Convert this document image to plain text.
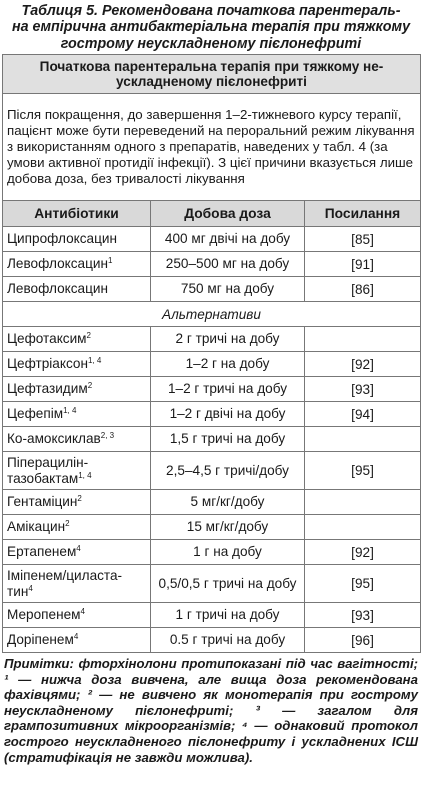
Таблиця 5. Рекомендована початкова парентераль-
на емпірична антибактеріальна терапія при тяжкому
гострому неускладненому пієлонефриті
Початкова парентеральна терапія при тяжкому не-
ускладненому пієлонефриті		

Після покращення, до завершення 1–2-тижневого курсу терапії, пацієнт може бути переведений на пероральний режим лікування з використанням одного з препаратів, наведених у табл. 4 (за умови активної протидії інфекції). З цієї причини вказується лише добова доза, без тривалості лікування		
Антибіотики	Добова доза	Посилання
Ципрофлоксацин	400 мг двічі на добу	[85]
Левофлоксацин$^1$	250–500 мг на добу	[91]
Левофлоксацин	750 мг на добу	[86]
Альтернативи		
Цефотаксим$^2$	2 г тричі на добу	
Цефтріаксон$^{1, 4}$	1–2 г на добу	[92]
Цефтазидим$^2$	1–2 г тричі на добу	[93]
Цефепім$^{1, 4}$	1–2 г двічі на добу	[94]
Ко-амоксиклав$^{2, 3}$	1,5 г тричі на добу	
Піперацилін-тазобактам$^{1, 4}$	2,5–4,5 г тричі/добу	[95]
Гентаміцин$^2$	5 мг/кг/добу	
Амікацин$^2$	15 мг/кг/добу	
Ертапенем$^4$	1 г на добу	[92]
Іміпенем/циласта-тин$^4$	0,5/0,5 г тричі на добу	[95]
Меропенем$^4$	1 г тричі на добу	[93]
Доріпенем$^4$	0.5 г тричі на добу	[96]
Примітки: фторхінолони протипоказані під час вагітності; ¹ — нижча доза вивчена, але вища доза рекомендована фахівцями; ² — не вивчено як монотерапія при гострому неускладненому пієлонефриті; ³ — загалом для грампозитивних мікроорганізмів; ⁴ — однаковий протокол гострого неускладненого пієлонефриту і ускладнених ІСШ (стратифікація не завжди можлива).
